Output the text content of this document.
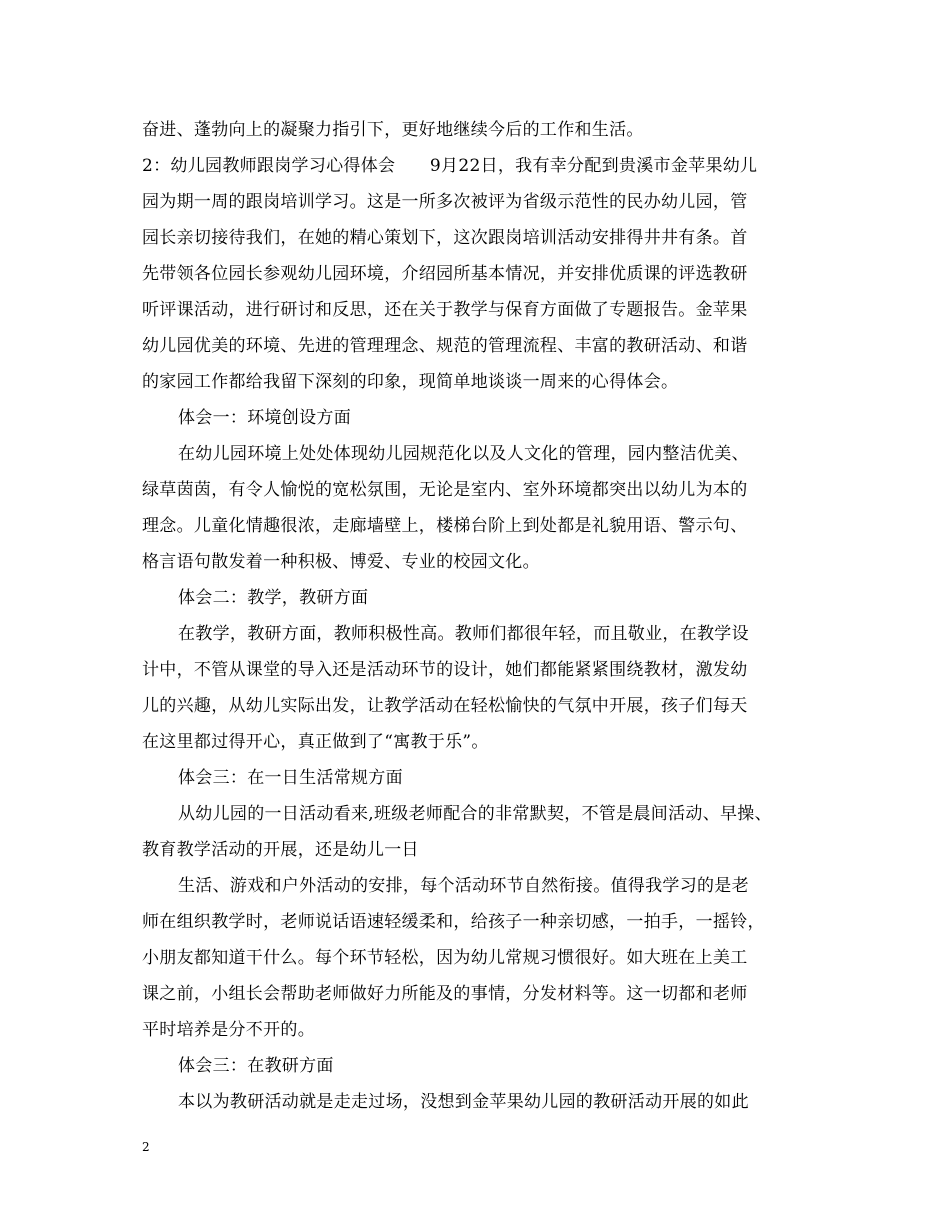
奋进、蓬勃向上的凝聚力指引下，更好地继续今后的工作和生活。
2：幼儿园教师跟岗学习心得体会　　9月22日，我有幸分配到贵溪市金苹果幼儿
园为期一周的跟岗培训学习。这是一所多次被评为省级示范性的民办幼儿园，管
园长亲切接待我们，在她的精心策划下，这次跟岗培训活动安排得井井有条。首
先带领各位园长参观幼儿园环境，介绍园所基本情况，并安排优质课的评选教研
听评课活动，进行研讨和反思，还在关于教学与保育方面做了专题报告。金苹果
幼儿园优美的环境、先进的管理理念、规范的管理流程、丰富的教研活动、和谐
的家园工作都给我留下深刻的印象，现简单地谈谈一周来的心得体会。
体会一：环境创设方面
在幼儿园环境上处处体现幼儿园规范化以及人文化的管理，园内整洁优美、
绿草茵茵，有令人愉悦的宽松氛围，无论是室内、室外环境都突出以幼儿为本的
理念。儿童化情趣很浓，走廊墙壁上，楼梯台阶上到处都是礼貌用语、警示句、
格言语句散发着一种积极、博爱、专业的校园文化。
体会二：教学，教研方面
在教学，教研方面，教师积极性高。教师们都很年轻，而且敬业，在教学设
计中，不管从课堂的导入还是活动环节的设计，她们都能紧紧围绕教材，激发幼
儿的兴趣，从幼儿实际出发，让教学活动在轻松愉快的气氛中开展，孩子们每天
在这里都过得开心，真正做到了“寓教于乐”。
体会三：在一日生活常规方面
从幼儿园的一日活动看来,班级老师配合的非常默契，不管是晨间活动、早操、
教育教学活动的开展，还是幼儿一日
生活、游戏和户外活动的安排，每个活动环节自然衔接。值得我学习的是老
师在组织教学时，老师说话语速轻缓柔和，给孩子一种亲切感，一拍手，一摇铃，
小朋友都知道干什么。每个环节轻松，因为幼儿常规习惯很好。如大班在上美工
课之前，小组长会帮助老师做好力所能及的事情，分发材料等。这一切都和老师
平时培养是分不开的。
体会三：在教研方面
本以为教研活动就是走走过场，没想到金苹果幼儿园的教研活动开展的如此
2
